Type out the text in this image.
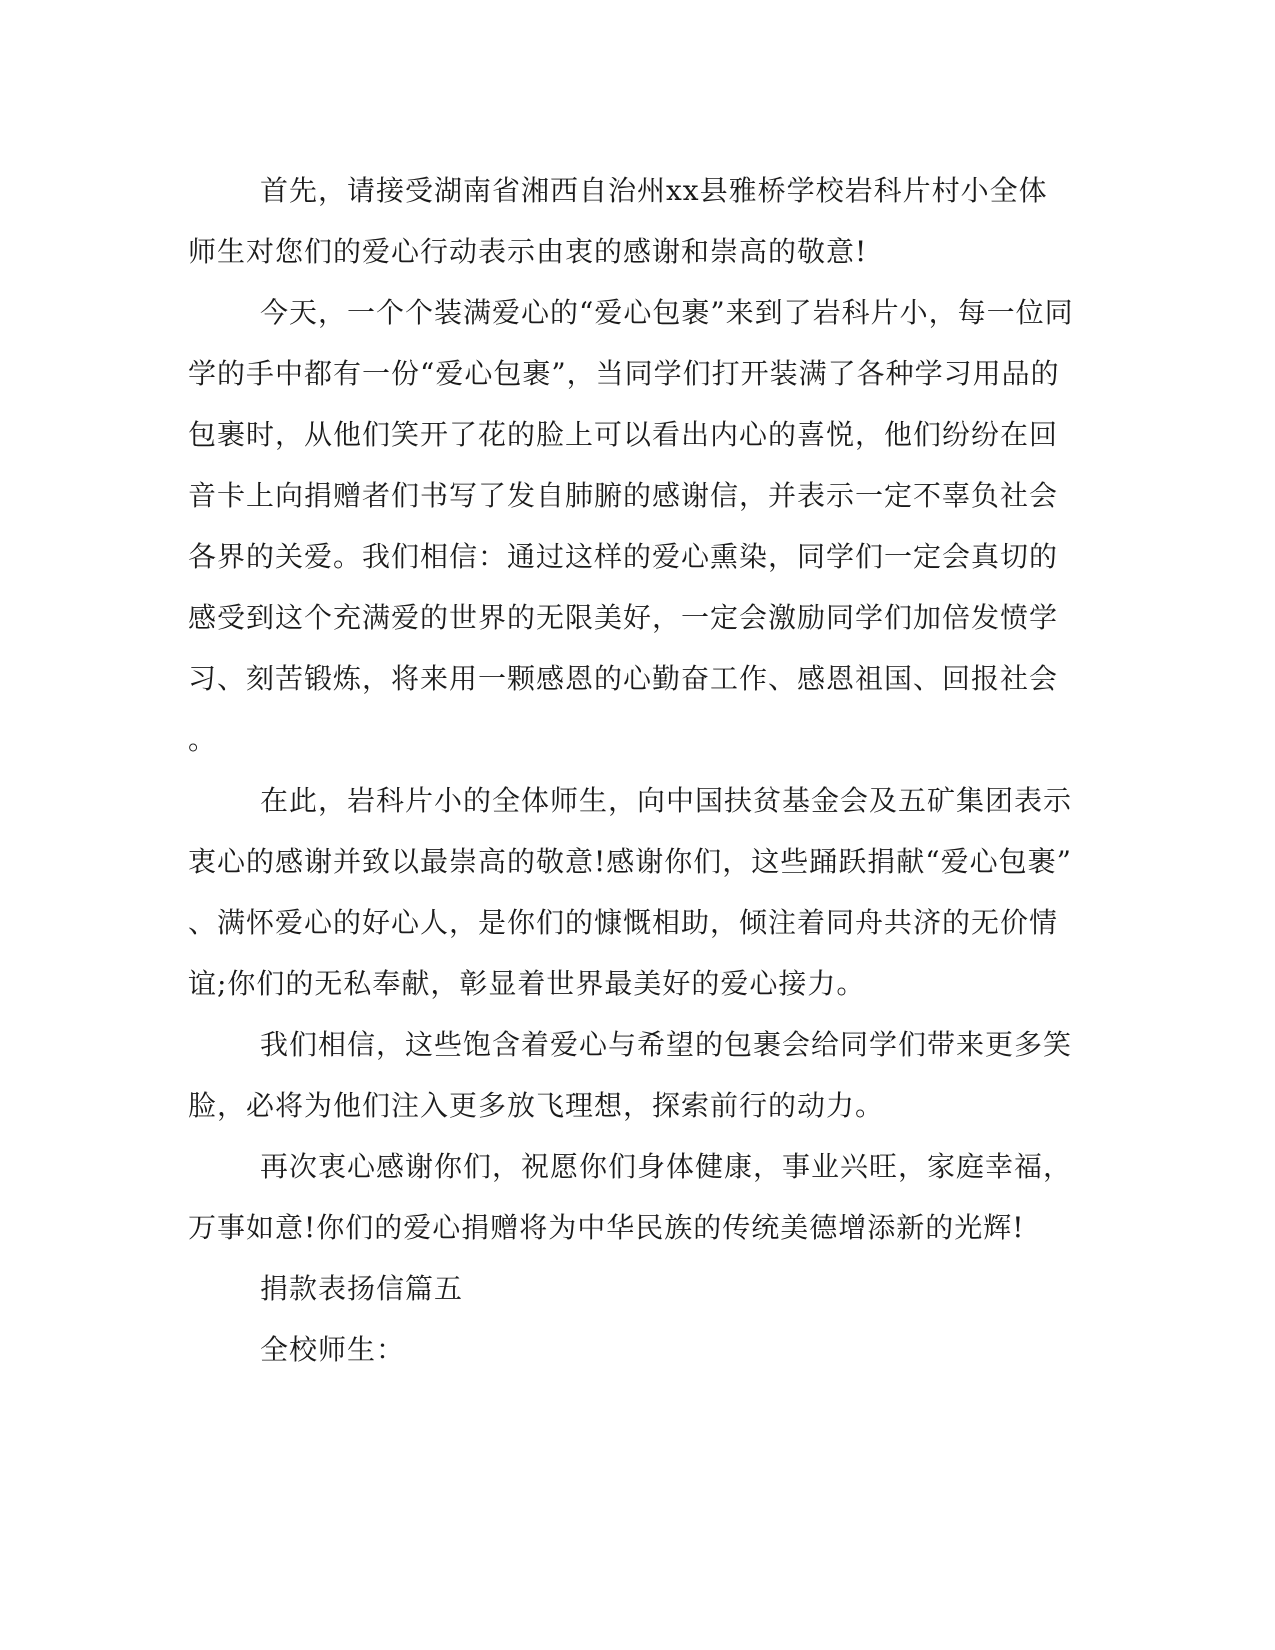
首先，请接受湖南省湘西自治州xx县雅桥学校岩科片村小全体
师生对您们的爱心行动表示由衷的感谢和崇高的敬意!
今天，一个个装满爱心的“爱心包裹”来到了岩科片小，每一位同
学的手中都有一份“爱心包裹”，当同学们打开装满了各种学习用品的
包裹时，从他们笑开了花的脸上可以看出内心的喜悦，他们纷纷在回
音卡上向捐赠者们书写了发自肺腑的感谢信，并表示一定不辜负社会
各界的关爱。我们相信：通过这样的爱心熏染，同学们一定会真切的
感受到这个充满爱的世界的无限美好，一定会激励同学们加倍发愤学
习、刻苦锻炼，将来用一颗感恩的心勤奋工作、感恩祖国、回报社会
。
在此，岩科片小的全体师生，向中国扶贫基金会及五矿集团表示
衷心的感谢并致以最崇高的敬意!感谢你们，这些踊跃捐献“爱心包裹”
、满怀爱心的好心人，是你们的慷慨相助，倾注着同舟共济的无价情
谊;你们的无私奉献，彰显着世界最美好的爱心接力。
我们相信，这些饱含着爱心与希望的包裹会给同学们带来更多笑
脸，必将为他们注入更多放飞理想，探索前行的动力。
再次衷心感谢你们，祝愿你们身体健康，事业兴旺，家庭幸福，
万事如意!你们的爱心捐赠将为中华民族的传统美德增添新的光辉!
捐款表扬信篇五
全校师生：
